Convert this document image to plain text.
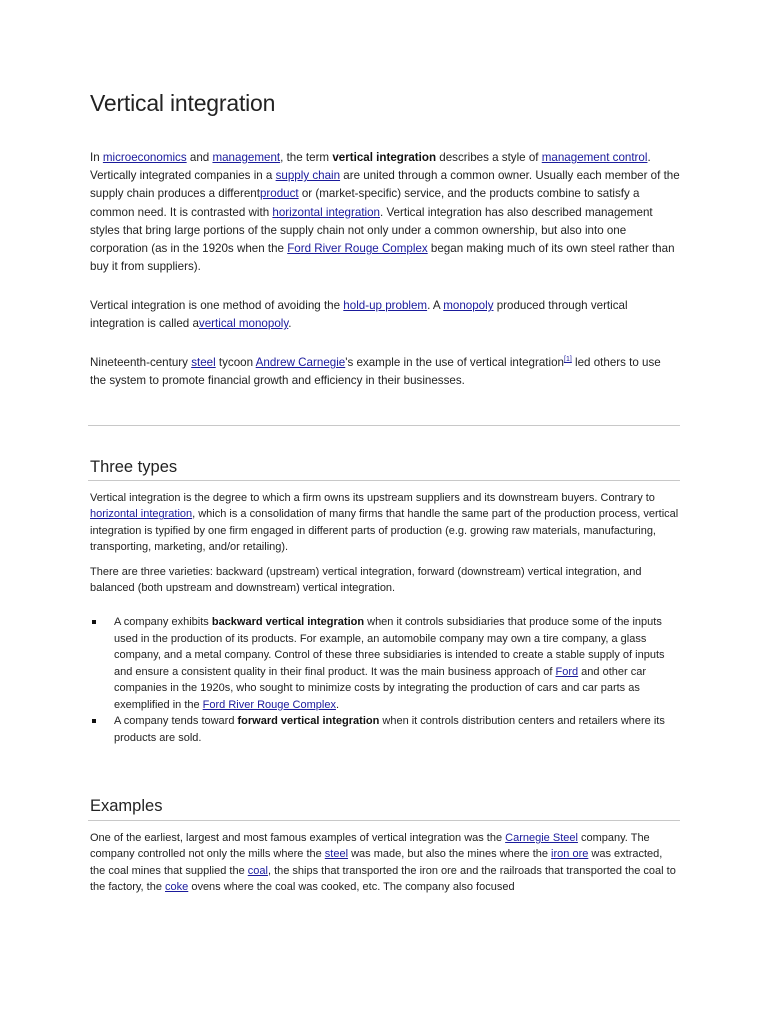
Vertical integration

In microeconomics and management, the term vertical integration describes a style of management control. Vertically integrated companies in a supply chain are united through a common owner. Usually each member of the supply chain produces a differentproduct or (market-specific) service, and the products combine to satisfy a common need. It is contrasted with horizontal integration. Vertical integration has also described management styles that bring large portions of the supply chain not only under a common ownership, but also into one corporation (as in the 1920s when the Ford River Rouge Complex began making much of its own steel rather than buy it from suppliers).

Vertical integration is one method of avoiding the hold-up problem. A monopoly produced through vertical integration is called avertical monopoly.

Nineteenth-century steel tycoon Andrew Carnegie's example in the use of vertical integration[1] led others to use the system to promote financial growth and efficiency in their businesses.

Three types

Vertical integration is the degree to which a firm owns its upstream suppliers and its downstream buyers. Contrary to horizontal integration, which is a consolidation of many firms that handle the same part of the production process, vertical integration is typified by one firm engaged in different parts of production (e.g. growing raw materials, manufacturing, transporting, marketing, and/or retailing).

There are three varieties: backward (upstream) vertical integration, forward (downstream) vertical integration, and balanced (both upstream and downstream) vertical integration.

A company exhibits backward vertical integration when it controls subsidiaries that produce some of the inputs used in the production of its products. For example, an automobile company may own a tire company, a glass company, and a metal company. Control of these three subsidiaries is intended to create a stable supply of inputs and ensure a consistent quality in their final product. It was the main business approach of Ford and other car companies in the 1920s, who sought to minimize costs by integrating the production of cars and car parts as exemplified in the Ford River Rouge Complex.
A company tends toward forward vertical integration when it controls distribution centers and retailers where its products are sold.
Examples

One of the earliest, largest and most famous examples of vertical integration was the Carnegie Steel company. The company controlled not only the mills where the steel was made, but also the mines where the iron ore was extracted, the coal mines that supplied the coal, the ships that transported the iron ore and the railroads that transported the coal to the factory, the coke ovens where the coal was cooked, etc. The company also focused
